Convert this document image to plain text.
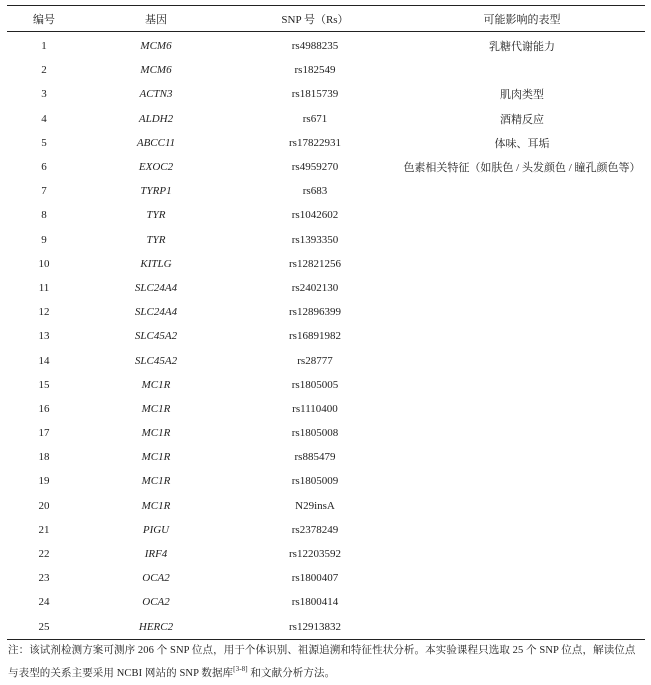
编号	基因	SNP 号（Rs）	可能影响的表型
1	MCM6	rs4988235	乳糖代谢能力
2	MCM6	rs182549	
3	ACTN3	rs1815739	肌肉类型
4	ALDH2	rs671	酒精反应
5	ABCC11	rs17822931	体味、耳垢
6	EXOC2	rs4959270	色素相关特征（如肤色 / 头发颜色 / 瞳孔颜色等）
7	TYRP1	rs683	
8	TYR	rs1042602	
9	TYR	rs1393350	
10	KITLG	rs12821256	
11	SLC24A4	rs2402130	
12	SLC24A4	rs12896399	
13	SLC45A2	rs16891982	
14	SLC45A2	rs28777	
15	MC1R	rs1805005	
16	MC1R	rs1110400	
17	MC1R	rs1805008	
18	MC1R	rs885479	
19	MC1R	rs1805009	
20	MC1R	N29insA	
21	PIGU	rs2378249	
22	IRF4	rs12203592	
23	OCA2	rs1800407	
24	OCA2	rs1800414	
25	HERC2	rs12913832	

注：该试剂检测方案可测序 206 个 SNP 位点，用于个体识别、祖源追溯和特征性状分析。本实验课程只选取 25 个 SNP 位点，解读位点与表型的关系主要采用 NCBI 网站的 SNP 数据库[3-8] 和文献分析方法。
